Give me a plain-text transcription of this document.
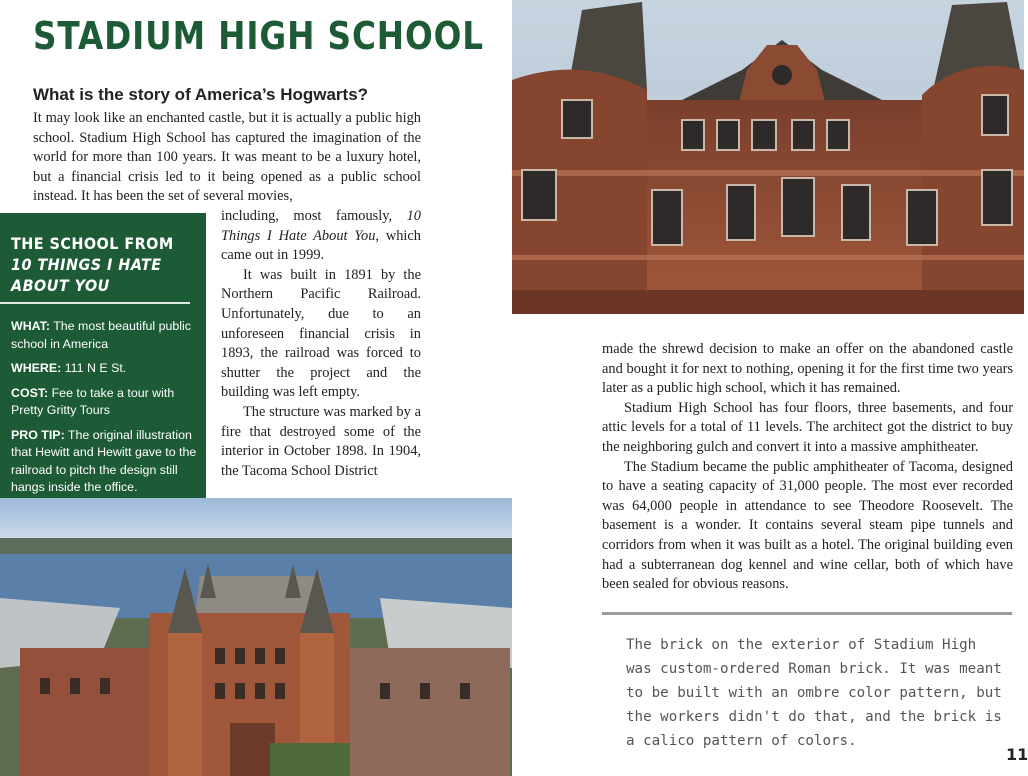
STADIUM HIGH SCHOOL
What is the story of America’s Hogwarts?

It may look like an enchanted castle, but it is actually a public high school. Stadium High School has captured the imagination of the world for more than 100 years. It was meant to be a luxury hotel, but a financial crisis led to it being opened as a public school instead. It has been the set of several movies,

including, most famously, 10 Things I Hate About You, which came out in 1999.

It was built in 1891 by the Northern Pacific Railroad. Unfortunately, due to an unforeseen financial crisis in 1893, the railroad was forced to shutter the project and the building was left empty.

The structure was marked by a fire that destroyed some of the interior in October 1898. In 1904, the Tacoma School District

THE SCHOOL FROM
10 THINGS I HATE ABOUT YOU
WHAT: The most beautiful public school in America
WHERE: 111 N E St.
COST: Fee to take a tour with Pretty Gritty Tours
PRO TIP: The original illustration that Hewitt and Hewitt gave to the railroad to pitch the design still hangs inside the office.

made the shrewd decision to make an offer on the abandoned castle and bought it for next to nothing, opening it for the first time two years later as a public high school, which it has remained.

Stadium High School has four floors, three basements, and four attic levels for a total of 11 levels. The architect got the district to buy the neighboring gulch and convert it into a massive amphitheater.

The Stadium became the public amphitheater of Tacoma, designed to have a seating capacity of 31,000 people. The most ever recorded was 64,000 people in attendance to see Theodore Roosevelt. The basement is a wonder. It contains several steam pipe tunnels and corridors from when it was built as a hotel. The original building even had a subterranean dog kennel and wine cellar, both of which have been sealed for obvious reasons.

The brick on the exterior of Stadium High was custom-ordered Roman brick. It was meant to be built with an ombre color pattern, but the workers didn't do that, and the brick is a calico pattern of colors.
11
